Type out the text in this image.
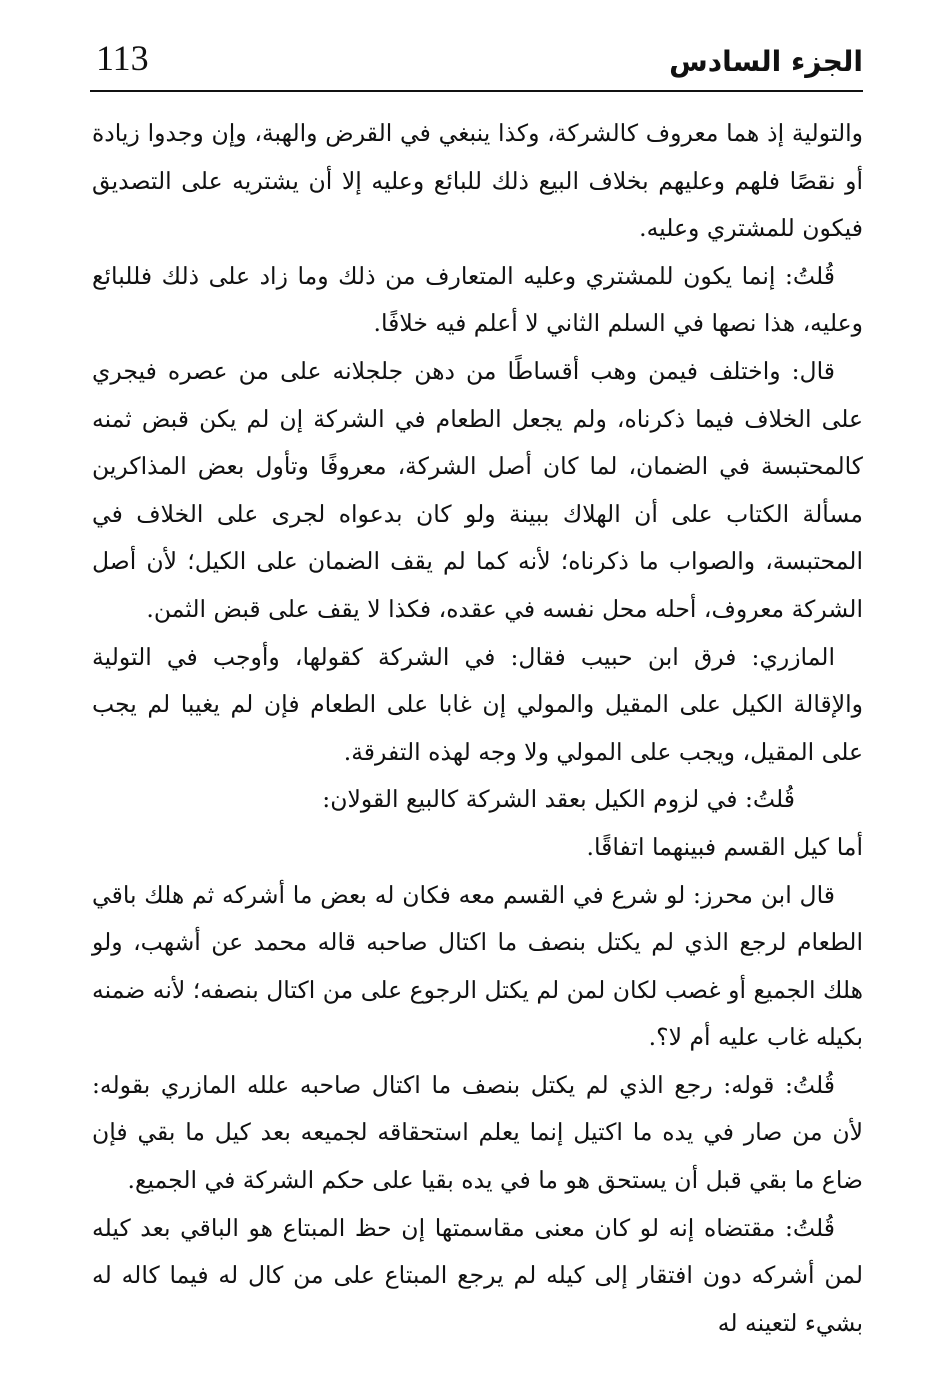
113	الجزء السادس

والتولية إذ هما معروف كالشركة، وكذا ينبغي في القرض والهبة، وإن وجدوا زيادة أو نقصًا فلهم وعليهم بخلاف البيع ذلك للبائع وعليه إلا أن يشتريه على التصديق فيكون للمشتري وعليه.

قُلتُ: إنما يكون للمشتري وعليه المتعارف من ذلك وما زاد على ذلك فللبائع وعليه، هذا نصها في السلم الثاني لا أعلم فيه خلافًا.

قال: واختلف فيمن وهب أقساطًا من دهن جلجلانه على من عصره فيجري على الخلاف فيما ذكرناه، ولم يجعل الطعام في الشركة إن لم يكن قبض ثمنه كالمحتبسة في الضمان، لما كان أصل الشركة، معروفًا وتأول بعض المذاكرين مسألة الكتاب على أن الهلاك ببينة ولو كان بدعواه لجرى على الخلاف في المحتبسة، والصواب ما ذكرناه؛ لأنه كما لم يقف الضمان على الكيل؛ لأن أصل الشركة معروف، أحله محل نفسه في عقده، فكذا لا يقف على قبض الثمن.

المازري: فرق ابن حبيب فقال: في الشركة كقولها، وأوجب في التولية والإقالة الكيل على المقيل والمولي إن غابا على الطعام فإن لم يغيبا لم يجب على المقيل، ويجب على المولي ولا وجه لهذه التفرقة.

قُلتُ: في لزوم الكيل بعقد الشركة كالبيع القولان:

أما كيل القسم فبينهما اتفاقًا.

قال ابن محرز: لو شرع في القسم معه فكان له بعض ما أشركه ثم هلك باقي الطعام لرجع الذي لم يكتل بنصف ما اكتال صاحبه قاله محمد عن أشهب، ولو هلك الجميع أو غصب لكان لمن لم يكتل الرجوع على من اكتال بنصفه؛ لأنه ضمنه بكيله غاب عليه أم لا؟.

قُلتُ: قوله: رجع الذي لم يكتل بنصف ما اكتال صاحبه علله المازري بقوله: لأن من صار في يده ما اكتيل إنما يعلم استحقاقه لجميعه بعد كيل ما بقي فإن ضاع ما بقي قبل أن يستحق هو ما في يده بقيا على حكم الشركة في الجميع.

قُلتُ: مقتضاه إنه لو كان معنى مقاسمتها إن حظ المبتاع هو الباقي بعد كيله لمن أشركه دون افتقار إلى كيله لم يرجع المبتاع على من كال له فيما كاله له بشيء لتعينه له
